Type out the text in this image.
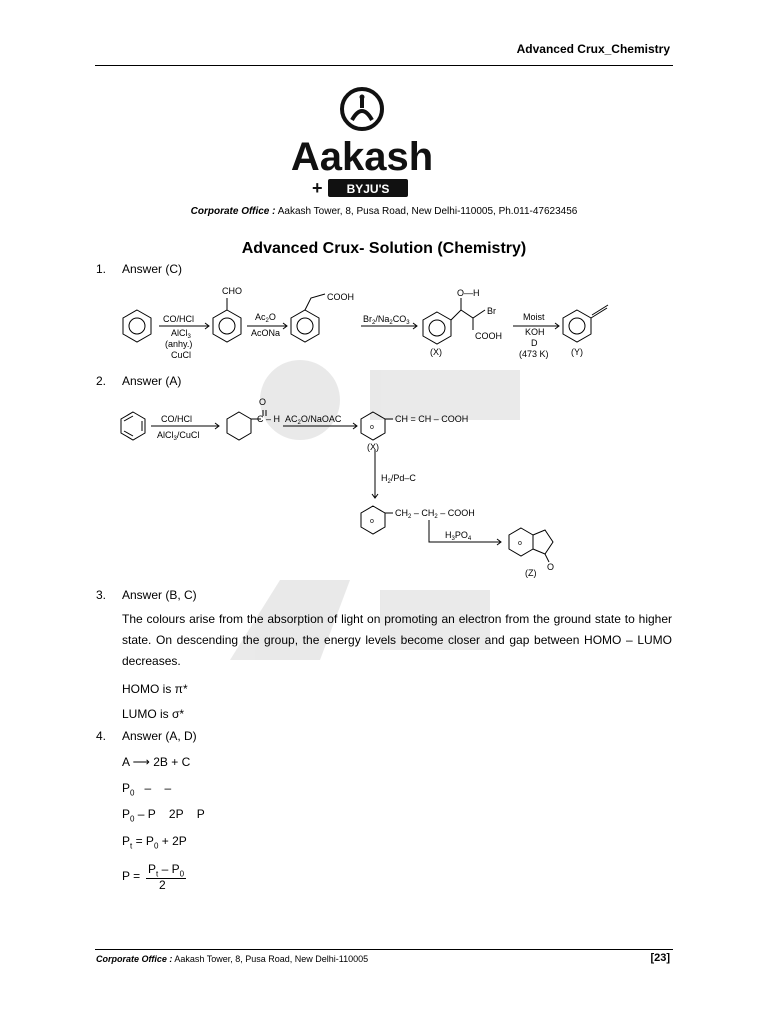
Advanced Crux_Chemistry
Aakash
+ BYJU'S
Corporate Office : Aakash Tower, 8, Pusa Road, New Delhi-110005, Ph.011-47623456
Advanced Crux- Solution (Chemistry)
1. Answer (C)
CHO
CO/HCl
AlCl$_3$
(anhy.)
CuCl
$Ac_2O$
AcONa
COOH
$Br_2/Na_2CO_3$
O—H
Br
COOH
(X)
Moist
KOH
D
(473 K) (Y)
2. Answer (A)
CO/HCl
AlCl$_3$/CuCl
O
C – H $AC_2O$/NaOAC
o
CH = CH – COOH
(X)
$H_2/Pd-C$
o
$CH_2 - CH_2$ – COOH
$H_3PO_4$
o
O
(Z)
3. Answer (B, C)
The colours arise from the absorption of light on promoting an electron from the ground state to higher state. On descending the group, the energy levels become closer and gap between HOMO – LUMO decreases.
HOMO is π*
LUMO is σ*
4. Answer (A, D)
A ⟶ 2B + C
$P_0$   –    –
$P_0$ – P    2P    P
$P_t = P_0 + 2P$
$P = P_t - P_0$
2
Corporate Office : Aakash Tower, 8, Pusa Road, New Delhi-110005	[23]
